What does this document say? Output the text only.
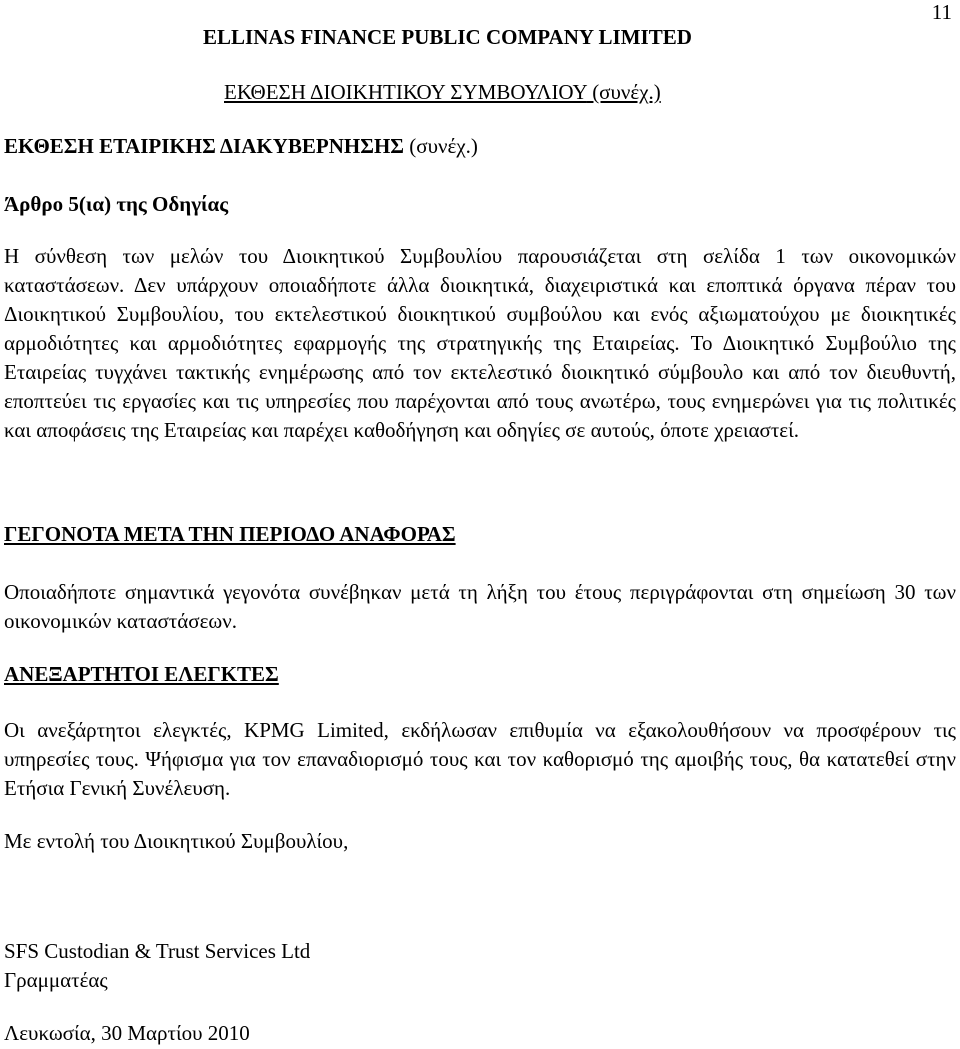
11
ELLINAS FINANCE PUBLIC COMPANY LIMITED
ΕΚΘΕΣΗ ΔΙΟΙΚΗΤΙΚΟΥ ΣΥΜΒΟΥΛΙΟΥ (συνέχ.)
ΕΚΘΕΣΗ ΕΤΑΙΡΙΚΗΣ ΔΙΑΚΥΒΕΡΝΗΣΗΣ (συνέχ.)
Άρθρο 5(ια) της Οδηγίας

Η σύνθεση των μελών του Διοικητικού Συμβουλίου παρουσιάζεται στη σελίδα 1 των οικονομικών καταστάσεων. Δεν υπάρχουν οποιαδήποτε άλλα διοικητικά, διαχειριστικά και εποπτικά όργανα πέραν του Διοικητικού Συμβουλίου, του εκτελεστικού διοικητικού συμβούλου και ενός αξιωματούχου με διοικητικές αρμοδιότητες και αρμοδιότητες εφαρμογής της στρατηγικής της Εταιρείας. Το Διοικητικό Συμβούλιο της Εταιρείας τυγχάνει τακτικής ενημέρωσης από τον εκτελεστικό διοικητικό σύμβουλο και από τον διευθυντή, εποπτεύει τις εργασίες και τις υπηρεσίες που παρέχονται από τους ανωτέρω, τους ενημερώνει για τις πολιτικές και αποφάσεις της Εταιρείας και παρέχει καθοδήγηση και οδηγίες σε αυτούς, όποτε χρειαστεί.

ΓΕΓΟΝΟΤΑ ΜΕΤΑ ΤΗΝ ΠΕΡΙΟΔΟ ΑΝΑΦΟΡΑΣ

Οποιαδήποτε σημαντικά γεγονότα συνέβηκαν μετά τη λήξη του έτους περιγράφονται στη σημείωση 30 των οικονομικών καταστάσεων.

ΑΝΕΞΑΡΤΗΤΟΙ ΕΛΕΓΚΤΕΣ

Οι ανεξάρτητοι ελεγκτές, KPMG Limited, εκδήλωσαν επιθυμία να εξακολουθήσουν να προσφέρουν τις υπηρεσίες τους. Ψήφισμα για τον επαναδιορισμό τους και τον καθορισμό της αμοιβής τους, θα κατατεθεί στην Ετήσια Γενική Συνέλευση.

Με εντολή του Διοικητικού Συμβουλίου,
SFS Custodian & Trust Services Ltd
Γραμματέας
Λευκωσία, 30 Μαρτίου 2010
